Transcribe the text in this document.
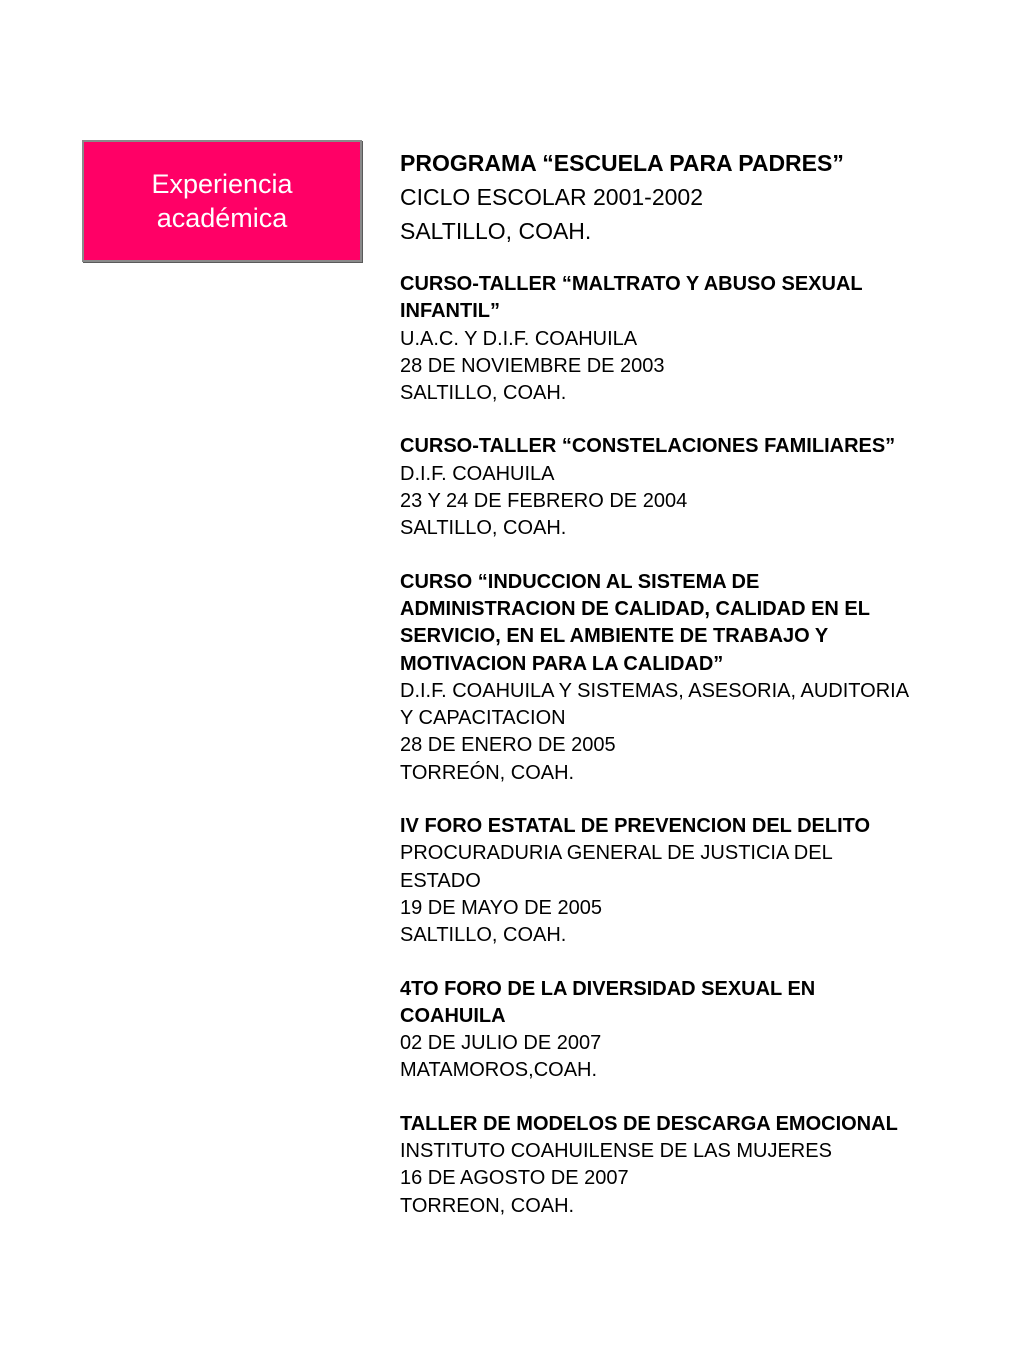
Experiencia
académica
PROGRAMA “ESCUELA PARA PADRES”
CICLO ESCOLAR 2001-2002
SALTILLO, COAH.
CURSO-TALLER “MALTRATO Y ABUSO SEXUAL
INFANTIL”
U.A.C. Y D.I.F. COAHUILA
28 DE NOVIEMBRE DE 2003
SALTILLO, COAH.
CURSO-TALLER “CONSTELACIONES FAMILIARES”
D.I.F. COAHUILA
23 Y 24 DE FEBRERO DE 2004
SALTILLO, COAH.
CURSO “INDUCCION AL SISTEMA DE
ADMINISTRACION DE CALIDAD, CALIDAD EN EL
SERVICIO, EN EL AMBIENTE DE TRABAJO Y
MOTIVACION PARA LA CALIDAD”
D.I.F. COAHUILA Y SISTEMAS, ASESORIA, AUDITORIA
Y CAPACITACION
28 DE ENERO DE 2005
TORREÓN, COAH.
IV FORO ESTATAL DE PREVENCION DEL DELITO
PROCURADURIA GENERAL DE JUSTICIA DEL
ESTADO
19 DE MAYO DE 2005
SALTILLO, COAH.
4TO FORO DE LA DIVERSIDAD SEXUAL EN
COAHUILA
02 DE JULIO DE 2007
MATAMOROS,COAH.
TALLER DE MODELOS DE DESCARGA EMOCIONAL
INSTITUTO COAHUILENSE DE LAS MUJERES
16 DE AGOSTO DE 2007
TORREON, COAH.
